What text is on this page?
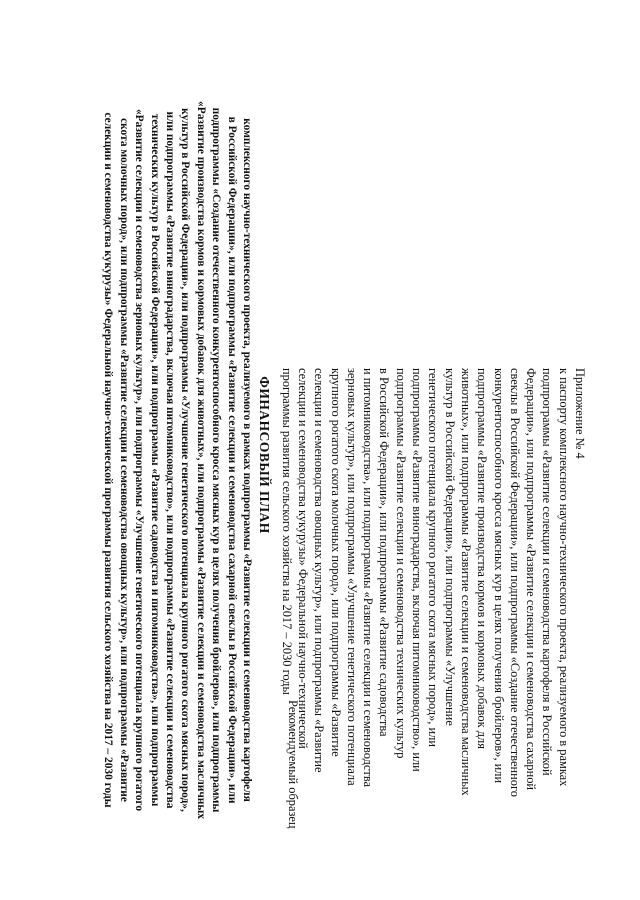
Приложение № 4
к паспорту комплексного научно-технического проекта, реализуемого в рамках
подпрограммы «Развитие селекции и семеноводства картофеля в Российской
Федерации», или подпрограммы «Развитие селекции и семеноводства сахарной
свеклы в Российской Федерации», или подпрограммы «Создание отечественного
конкурентоспособного кросса мясных кур в целях получения бройлеров», или
подпрограммы «Развитие производства кормов и кормовых добавок для
животных», или подпрограммы «Развитие селекции и семеноводства масличных
культур в Российской Федерации», или подпрограммы «Улучшение
генетического потенциала крупного рогатого скота мясных пород», или
подпрограммы «Развитие виноградарства, включая питомниководство», или
подпрограммы «Развитие селекции и семеноводства технических культур
в Российской Федерации», или подпрограммы «Развитие садоводства
и питомниководства», или подпрограммы «Развитие селекции и семеноводства
зерновых культур», или подпрограммы «Улучшение генетического потенциала
крупного рогатого скота молочных пород», или подпрограммы «Развитие
селекции и семеноводства овощных культур», или подпрограммы «Развитие
селекции и семеноводства кукурузы» Федеральной научно-технической
программы развития сельского хозяйства на 2017 – 2030 годы
Рекомендуемый образец
ФИНАНСОВЫЙ ПЛАН
комплексного научно-технического проекта, реализуемого в рамках подпрограммы «Развитие селекции и семеноводства картофеля
в Российской Федерации», или подпрограммы «Развитие селекции и семеноводства сахарной свеклы в Российской Федерации», или
подпрограммы «Создание отечественного конкурентоспособного кросса мясных кур в целях получения бройлеров», или подпрограммы
«Развитие производства кормов и кормовых добавок для животных», или подпрограммы «Развитие селекции и семеноводства масличных
культур в Российской Федерации», или подпрограммы «Улучшение генетического потенциала крупного рогатого скота мясных пород»,
или подпрограммы «Развитие виноградарства, включая питомниководство», или подпрограммы «Развитие селекции и семеноводства
технических культур в Российской Федерации», или подпрограммы «Развитие садоводства и питомниководства», или подпрограммы
«Развитие селекции и семеноводства зерновых культур», или подпрограммы «Улучшение генетического потенциала крупного рогатого
скота молочных пород», или подпрограммы «Развитие селекции и семеноводства овощных культур», или подпрограммы «Развитие
селекции и семеноводства кукурузы» Федеральной научно-технической программы развития сельского хозяйства на 2017 – 2030 годы
